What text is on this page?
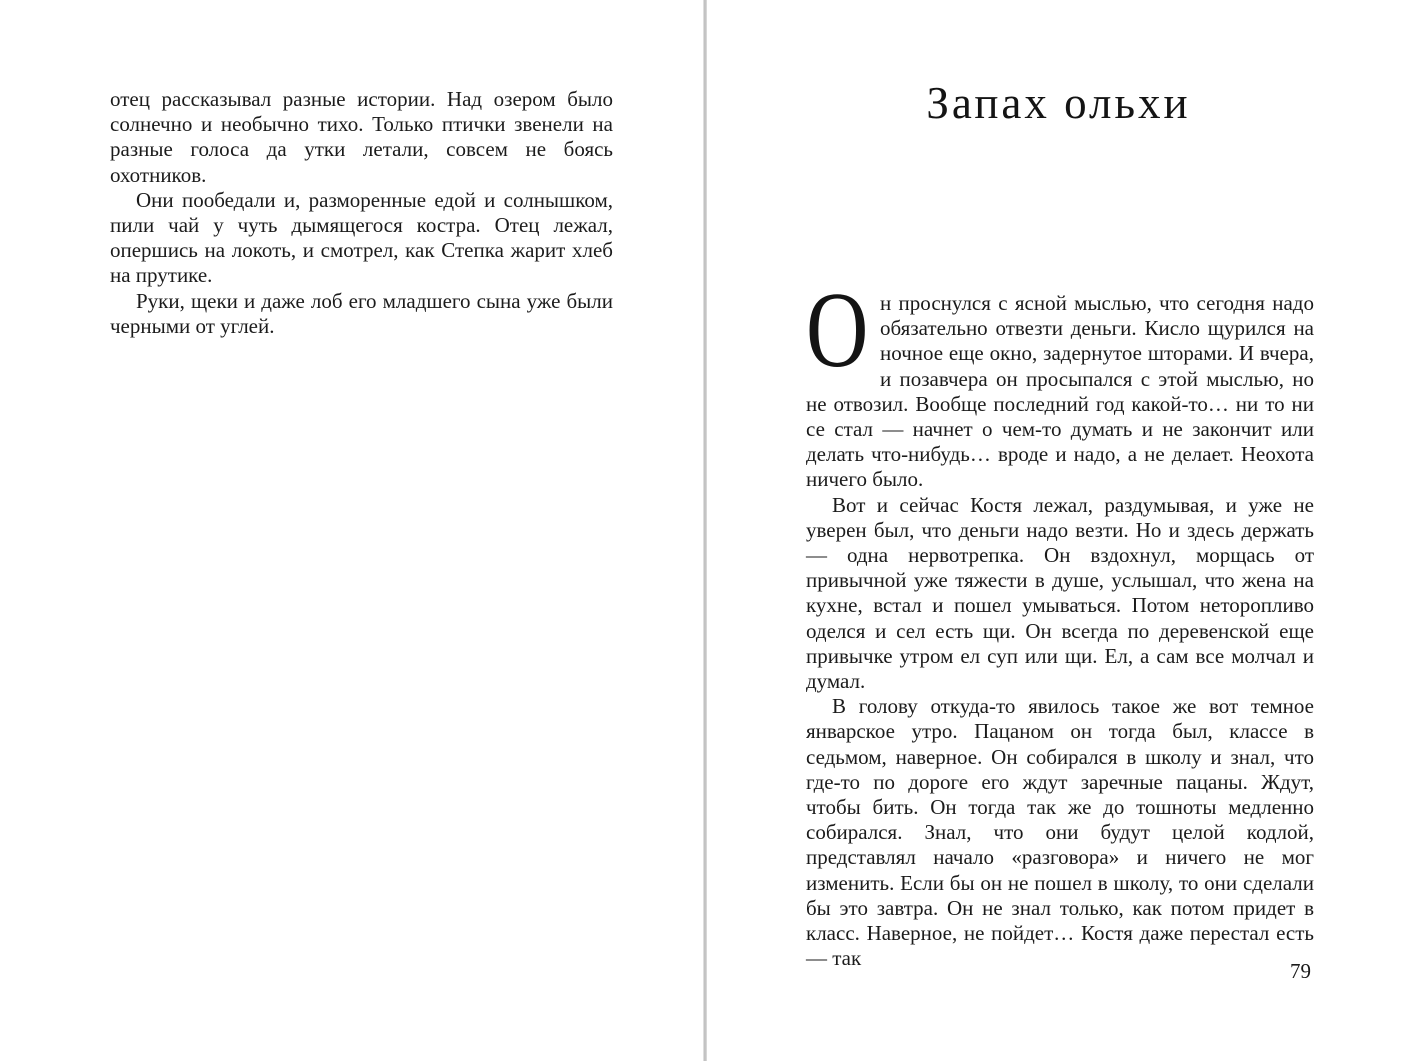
отец рассказывал разные истории. Над озером было солнечно и необычно тихо. Только птички звенели на разные голоса да утки летали, совсем не боясь охотников.

Они пообедали и, разморенные едой и солнышком, пили чай у чуть дымящегося костра. Отец лежал, опершись на локоть, и смотрел, как Степка жарит хлеб на прутике.

Руки, щеки и даже лоб его младшего сына уже были черными от углей.

Запах ольхи

Он проснулся с ясной мыслью, что сегодня надо обязательно отвезти деньги. Кисло щурился на ночное еще окно, задернутое шторами. И вчера, и позавчера он просыпался с этой мыслью, но не отвозил. Вообще последний год какой-то… ни то ни се стал — начнет о чем-то думать и не закончит или делать что-нибудь… вроде и надо, а не делает. Неохота ничего было.

Вот и сейчас Костя лежал, раздумывая, и уже не уверен был, что деньги надо везти. Но и здесь держать — одна нервотрепка. Он вздохнул, морщась от привычной уже тяжести в душе, услышал, что жена на кухне, встал и пошел умываться. Потом неторопливо оделся и сел есть щи. Он всегда по деревенской еще привычке утром ел суп или щи. Ел, а сам все молчал и думал.

В голову откуда-то явилось такое же вот темное январское утро. Пацаном он тогда был, классе в седьмом, наверное. Он собирался в школу и знал, что где-то по дороге его ждут заречные пацаны. Ждут, чтобы бить. Он тогда так же до тошноты медленно собирался. Знал, что они будут целой кодлой, представлял начало «разговора» и ничего не мог изменить. Если бы он не пошел в школу, то они сделали бы это завтра. Он не знал только, как потом придет в класс. Наверное, не пойдет… Костя даже перестал есть — так

79
